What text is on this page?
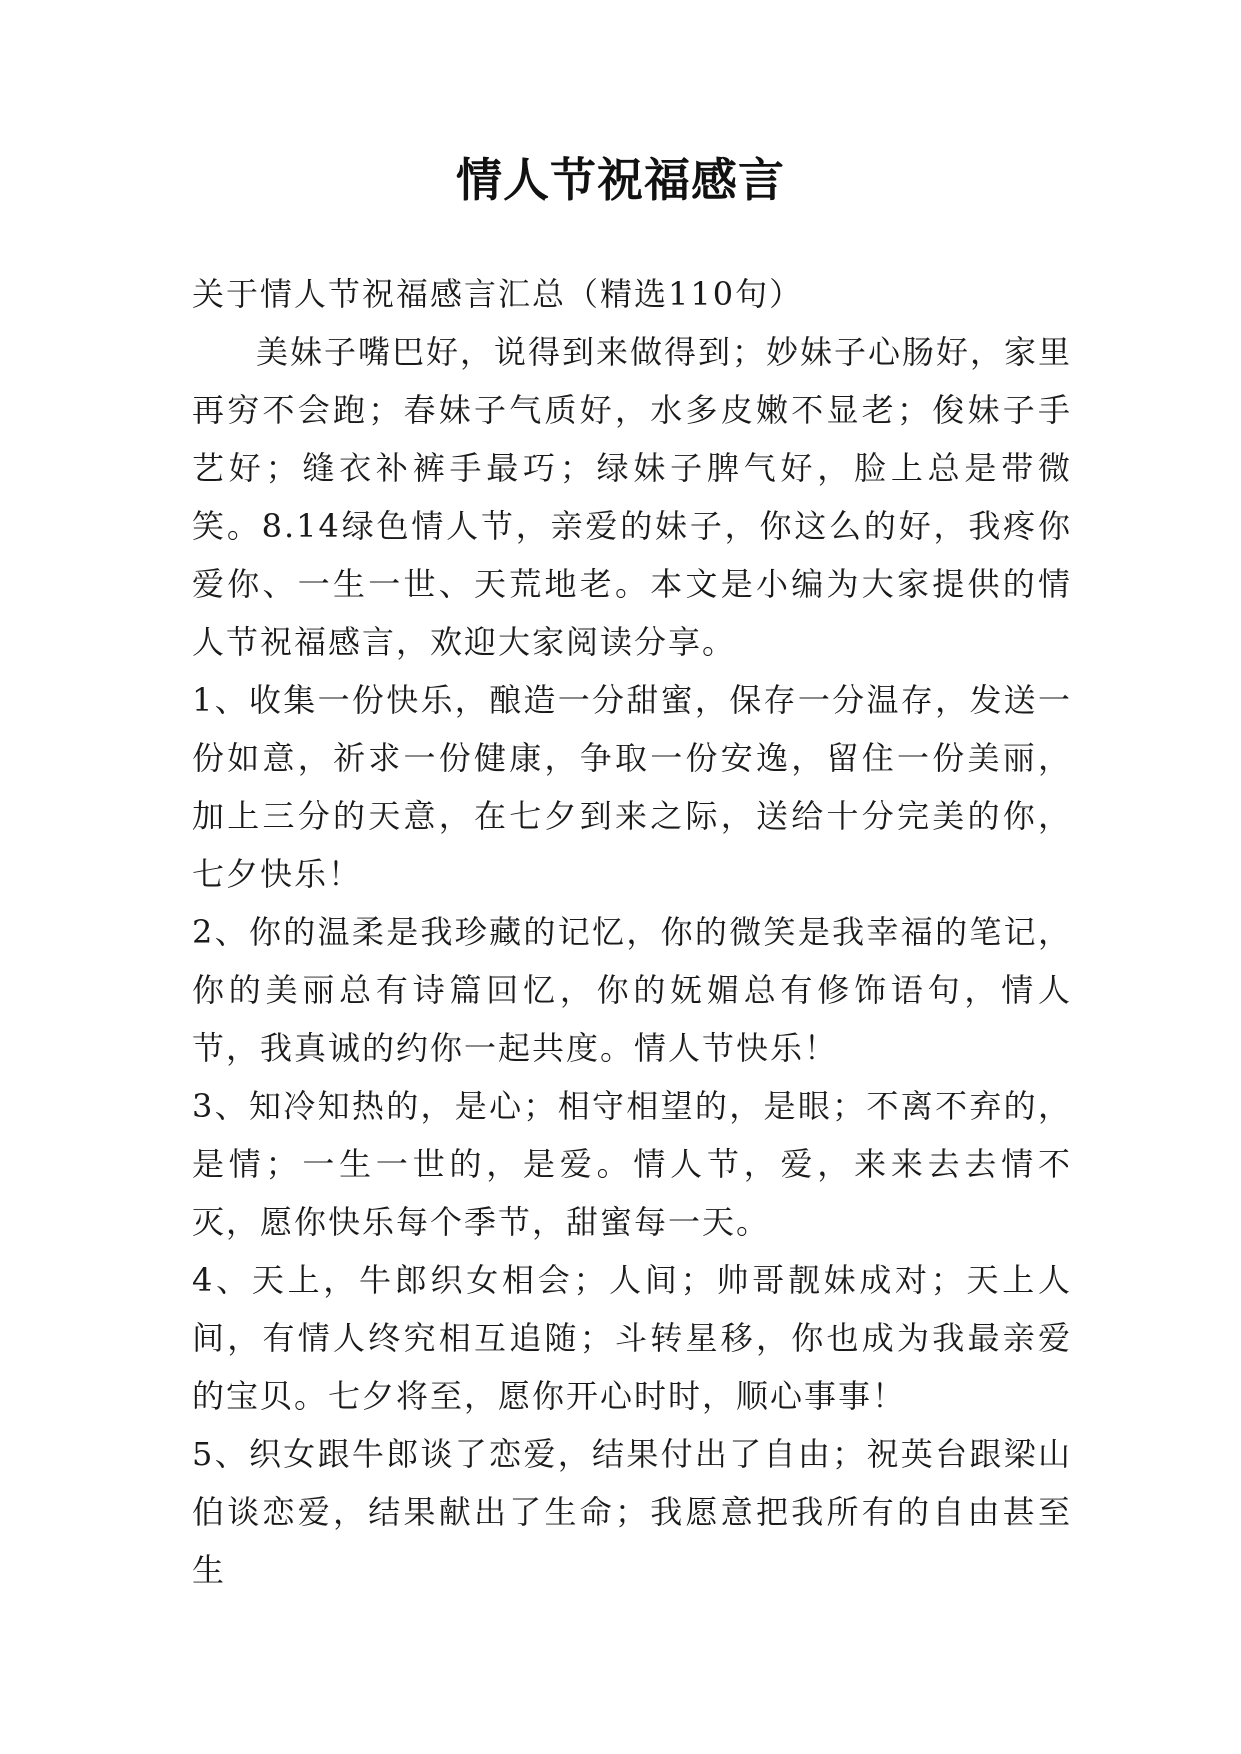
情人节祝福感言

关于情人节祝福感言汇总（精选110句）

美妹子嘴巴好，说得到来做得到；妙妹子心肠好，家里再穷不会跑；春妹子气质好，水多皮嫩不显老；俊妹子手艺好；缝衣补裤手最巧；绿妹子脾气好，脸上总是带微笑。8.14绿色情人节，亲爱的妹子，你这么的好，我疼你爱你、一生一世、天荒地老。本文是小编为大家提供的情人节祝福感言，欢迎大家阅读分享。

1、收集一份快乐，酿造一分甜蜜，保存一分温存，发送一份如意，祈求一份健康，争取一份安逸，留住一份美丽，加上三分的天意，在七夕到来之际，送给十分完美的你，七夕快乐！

2、你的温柔是我珍藏的记忆，你的微笑是我幸福的笔记，你的美丽总有诗篇回忆，你的妩媚总有修饰语句，情人节，我真诚的约你一起共度。情人节快乐！

3、知冷知热的，是心；相守相望的，是眼；不离不弃的，是情；一生一世的，是爱。情人节，爱，来来去去情不灭，愿你快乐每个季节，甜蜜每一天。

4、天上，牛郎织女相会；人间；帅哥靓妹成对；天上人间，有情人终究相互追随；斗转星移，你也成为我最亲爱的宝贝。七夕将至，愿你开心时时，顺心事事！

5、织女跟牛郎谈了恋爱，结果付出了自由；祝英台跟梁山伯谈恋爱，结果献出了生命；我愿意把我所有的自由甚至生
